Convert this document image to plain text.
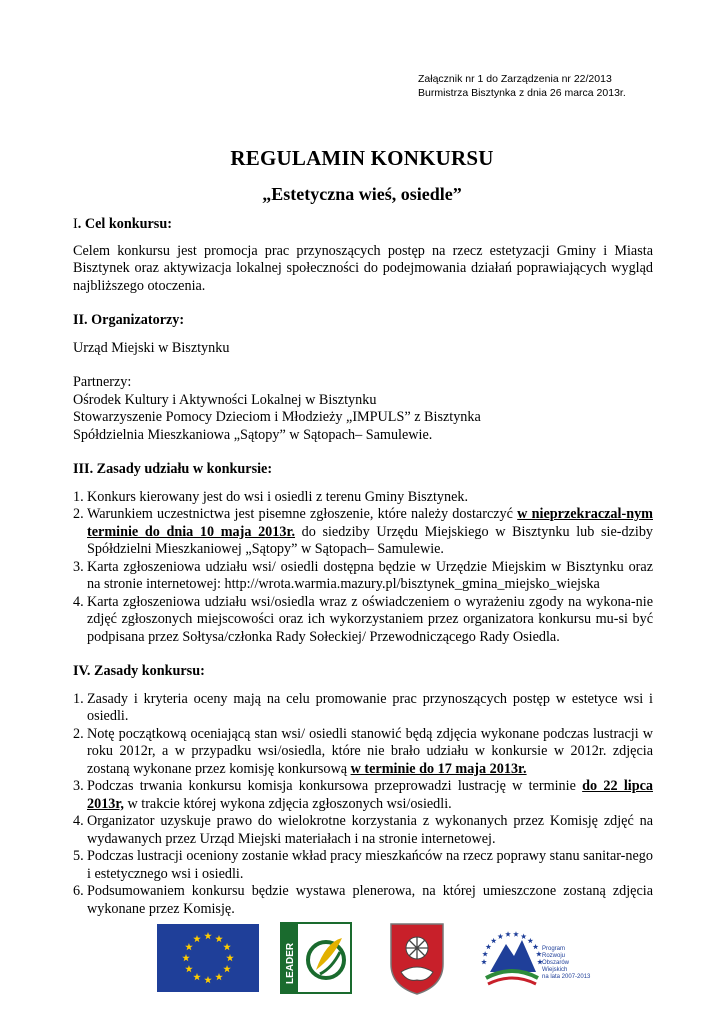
Załącznik nr 1 do Zarządzenia nr 22/2013
Burmistrza Bisztynka z dnia 26 marca 2013r.
REGULAMIN KONKURSU
„Estetyczna wieś, osiedle”

I. Cel konkursu:

Celem konkursu jest promocja prac przynoszących postęp na rzecz estetyzacji Gminy i Miasta Bisztynek oraz aktywizacja lokalnej społeczności do podejmowania działań poprawiających wygląd najbliższego otoczenia.

II. Organizatorzy:

Urząd Miejski w Bisztynku

Partnerzy:

Ośrodek Kultury i Aktywności Lokalnej w Bisztynku

Stowarzyszenie Pomocy Dzieciom i Młodzieży „IMPULS” z Bisztynka

Spółdzielnia Mieszkaniowa „Sątopy” w Sątopach– Samulewie.

III. Zasady udziału w konkursie:

1. Konkurs kierowany jest do wsi i osiedli z terenu Gminy Bisztynek.
2. Warunkiem uczestnictwa jest pisemne zgłoszenie, które należy dostarczyć w nieprzekraczal-nym terminie do dnia 10 maja 2013r. do siedziby Urzędu Miejskiego w Bisztynku lub sie-dziby Spółdzielni Mieszkaniowej „Sątopy” w Sątopach– Samulewie.
3. Karta zgłoszeniowa udziału wsi/ osiedli dostępna będzie w Urzędzie Miejskim w Bisztynku oraz na stronie internetowej: http://wrota.warmia.mazury.pl/bisztynek_gmina_miejsko_wiejska
4. Karta zgłoszeniowa udziału wsi/osiedla wraz z oświadczeniem o wyrażeniu zgody na wykona-nie zdjęć zgłoszonych miejscowości oraz ich wykorzystaniem przez organizatora konkursu mu-si być podpisana przez Sołtysa/członka Rady Sołeckiej/ Przewodniczącego Rady Osiedla.

IV. Zasady konkursu:

1. Zasady i kryteria oceny mają na celu promowanie prac przynoszących postęp w estetyce wsi i osiedli.
2. Notę początkową oceniającą stan wsi/ osiedli stanowić będą zdjęcia wykonane podczas lustracji w roku 2012r, a w przypadku wsi/osiedla, które nie brało udziału w konkursie w 2012r. zdjęcia zostaną wykonane przez komisję konkursową w terminie do 17 maja 2013r.
3. Podczas trwania konkursu komisja konkursowa przeprowadzi lustrację w terminie do 22 lipca 2013r, w trakcie której wykona zdjęcia zgłoszonych wsi/osiedli.
4. Organizator uzyskuje prawo do wielokrotne korzystania z wykonanych przez Komisję zdjęć na wydawanych przez Urząd Miejski materiałach i na stronie internetowej.
5. Podczas lustracji oceniony zostanie wkład pracy mieszkańców na rzecz poprawy stanu sanitar-nego i estetycznego wsi i osiedli.
6. Podsumowaniem konkursu będzie wystawa plenerowa, na której umieszczone zostaną zdjęcia wykonane przez Komisję.
LEADER	Program Rozwoju Obszarów Wiejskich na lata 2007-2013
